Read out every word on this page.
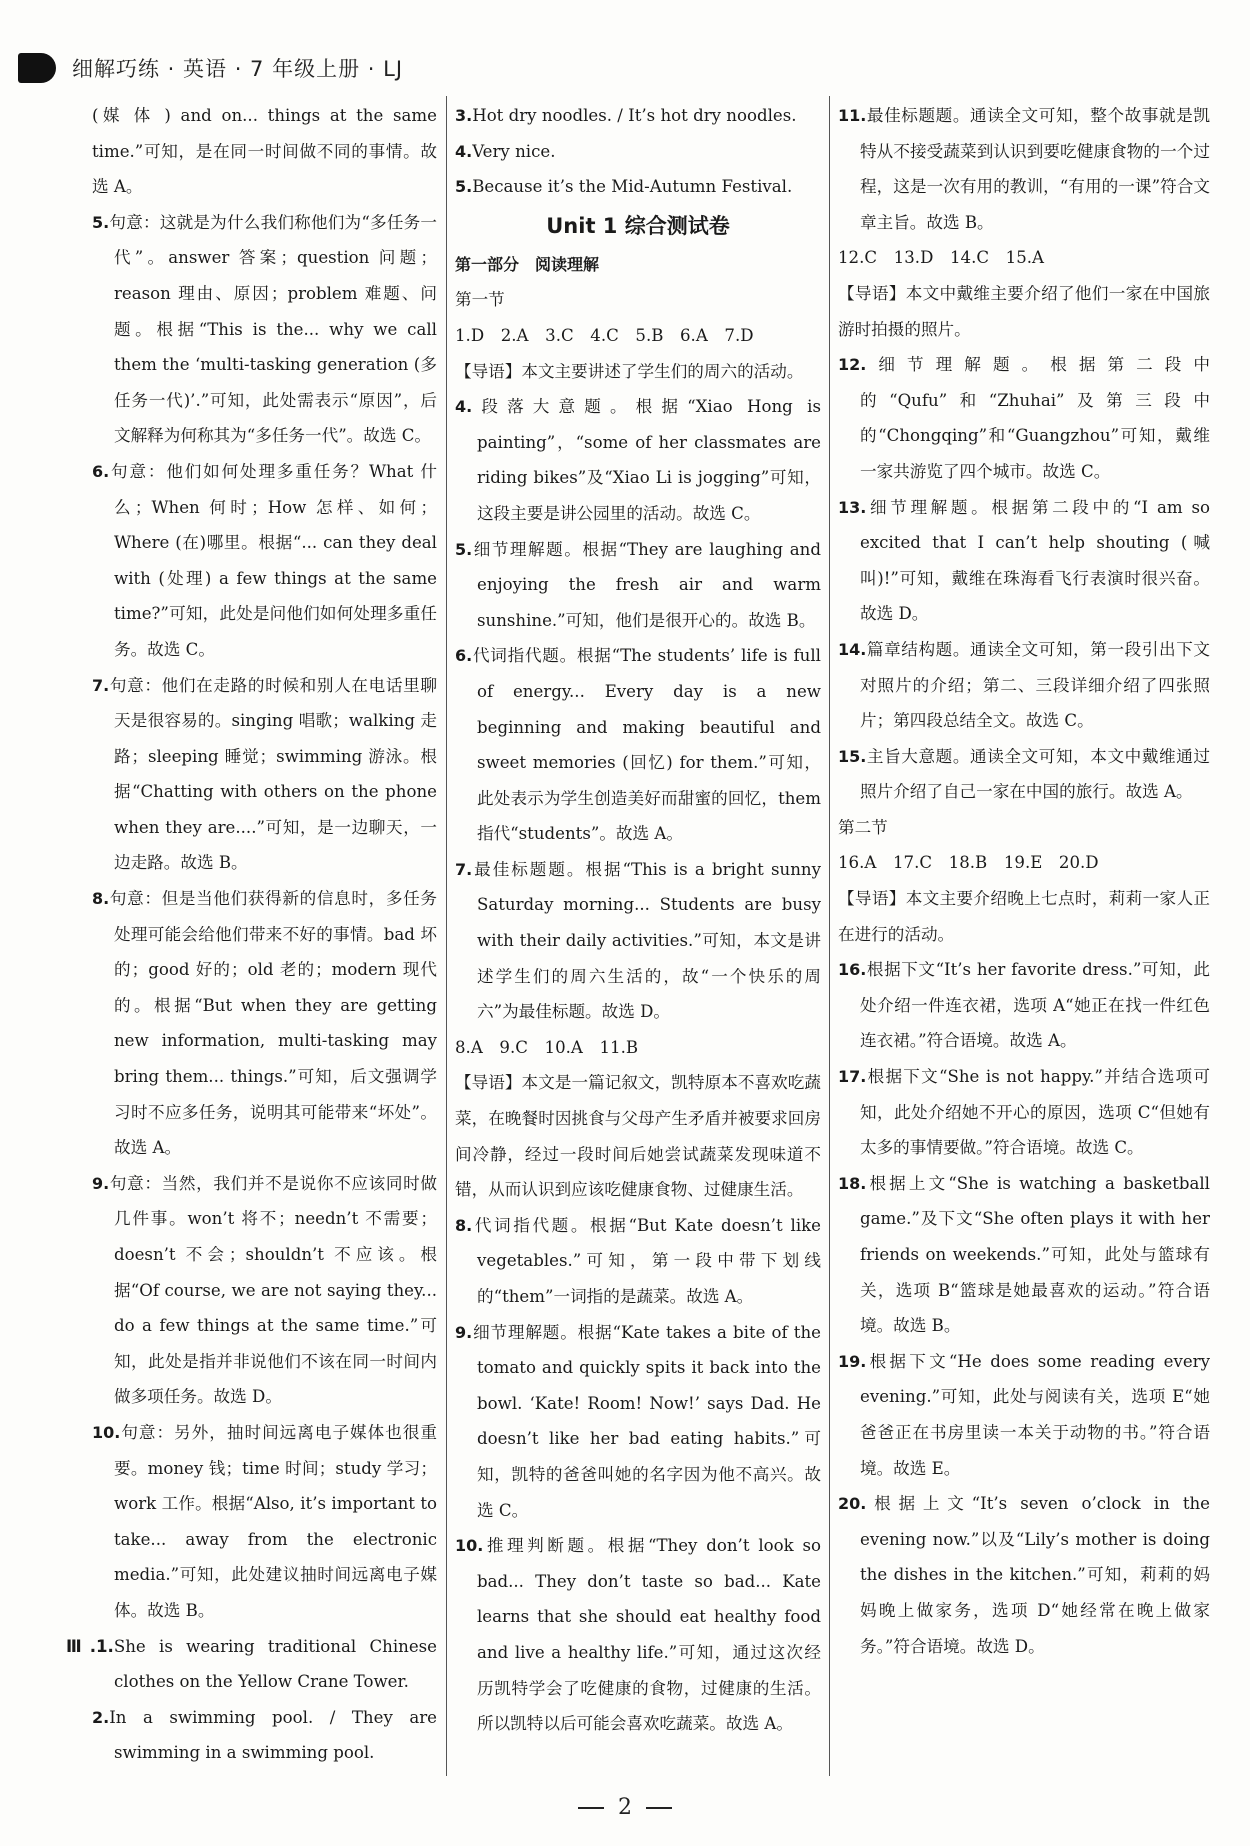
细解巧练 · 英语 · 7 年级上册 · LJ

(媒 体 ) and on... things at the same time.”可知，是在同一时间做不同的事情。故选 A。

5.句意：这就是为什么我们称他们为“多任务一代”。answer 答案；question 问题；reason 理由、原因；problem 难题、问题。根据“This is the... why we call them the ‘multi-tasking generation (多任务一代)’.”可知，此处需表示“原因”，后文解释为何称其为“多任务一代”。故选 C。

6.句意：他们如何处理多重任务？What 什么；When 何时；How 怎样、如何；Where (在)哪里。根据“... can they deal with (处理) a few things at the same time?”可知，此处是问他们如何处理多重任务。故选 C。

7.句意：他们在走路的时候和别人在电话里聊天是很容易的。singing 唱歌；walking 走路；sleeping 睡觉；swimming 游泳。根据“Chatting with others on the phone when they are....”可知，是一边聊天，一边走路。故选 B。

8.句意：但是当他们获得新的信息时，多任务处理可能会给他们带来不好的事情。bad 坏的；good 好的；old 老的；modern 现代的。根据“But when they are getting new information, multi-tasking may bring them... things.”可知，后文强调学习时不应多任务，说明其可能带来“坏处”。故选 A。

9.句意：当然，我们并不是说你不应该同时做几件事。won’t 将不；needn’t 不需要；doesn’t 不会；shouldn’t 不应该。根据“Of course, we are not saying they... do a few things at the same time.”可知，此处是指并非说他们不该在同一时间内做多项任务。故选 D。

10.句意：另外，抽时间远离电子媒体也很重要。money 钱；time 时间；study 学习；work 工作。根据“Also, it’s important to take... away from the electronic media.”可知，此处建议抽时间远离电子媒体。故选 B。

Ⅲ.1.She is wearing traditional Chinese clothes on the Yellow Crane Tower.

2.In a swimming pool. / They are swimming in a swimming pool.

3.Hot dry noodles. / It’s hot dry noodles.

4.Very nice.

5.Because it’s the Mid-Autumn Festival.

Unit 1 综合测试卷

第一部分　阅读理解

第一节

1.D　2.A　3.C　4.C　5.B　6.A　7.D

【导语】本文主要讲述了学生们的周六的活动。

4.段落大意题。根据“Xiao Hong is painting”，“some of her classmates are riding bikes”及“Xiao Li is jogging”可知，这段主要是讲公园里的活动。故选 C。

5.细节理解题。根据“They are laughing and enjoying the fresh air and warm sunshine.”可知，他们是很开心的。故选 B。

6.代词指代题。根据“The students’ life is full of energy... Every day is a new beginning and making beautiful and sweet memories (回忆) for them.”可知，此处表示为学生创造美好而甜蜜的回忆，them 指代“students”。故选 A。

7.最佳标题题。根据“This is a bright sunny Saturday morning... Students are busy with their daily activities.”可知，本文是讲述学生们的周六生活的，故“一个快乐的周六”为最佳标题。故选 D。

8.A　9.C　10.A　11.B

【导语】本文是一篇记叙文，凯特原本不喜欢吃蔬菜，在晚餐时因挑食与父母产生矛盾并被要求回房间冷静，经过一段时间后她尝试蔬菜发现味道不错，从而认识到应该吃健康食物、过健康生活。

8.代词指代题。根据“But Kate doesn’t like vegetables.”可知，第一段中带下划线的“them”一词指的是蔬菜。故选 A。

9.细节理解题。根据“Kate takes a bite of the tomato and quickly spits it back into the bowl. ‘Kate! Room! Now!’ says Dad. He doesn’t like her bad eating habits.”可知，凯特的爸爸叫她的名字因为他不高兴。故选 C。

10.推理判断题。根据“They don’t look so bad... They don’t taste so bad... Kate learns that she should eat healthy food and live a healthy life.”可知，通过这次经历凯特学会了吃健康的食物，过健康的生活。所以凯特以后可能会喜欢吃蔬菜。故选 A。

11.最佳标题题。通读全文可知，整个故事就是凯特从不接受蔬菜到认识到要吃健康食物的一个过程，这是一次有用的教训，“有用的一课”符合文章主旨。故选 B。

12.C　13.D　14.C　15.A

【导语】本文中戴维主要介绍了他们一家在中国旅游时拍摄的照片。

12.细节理解题。根据第二段中的“Qufu”和“Zhuhai”及第三段中的“Chongqing”和“Guangzhou”可知，戴维一家共游览了四个城市。故选 C。

13.细节理解题。根据第二段中的“I am so excited that I can’t help shouting (喊叫)!”可知，戴维在珠海看飞行表演时很兴奋。故选 D。

14.篇章结构题。通读全文可知，第一段引出下文对照片的介绍；第二、三段详细介绍了四张照片；第四段总结全文。故选 C。

15.主旨大意题。通读全文可知，本文中戴维通过照片介绍了自己一家在中国的旅行。故选 A。

第二节

16.A　17.C　18.B　19.E　20.D

【导语】本文主要介绍晚上七点时，莉莉一家人正在进行的活动。

16.根据下文“It’s her favorite dress.”可知，此处介绍一件连衣裙，选项 A“她正在找一件红色连衣裙。”符合语境。故选 A。

17.根据下文“She is not happy.”并结合选项可知，此处介绍她不开心的原因，选项 C“但她有太多的事情要做。”符合语境。故选 C。

18.根据上文“She is watching a basketball game.”及下文“She often plays it with her friends on weekends.”可知，此处与篮球有关，选项 B“篮球是她最喜欢的运动。”符合语境。故选 B。

19.根据下文“He does some reading every evening.”可知，此处与阅读有关，选项 E“她爸爸正在书房里读一本关于动物的书。”符合语境。故选 E。

20.根据上文“It’s seven o’clock in the evening now.”以及“Lily’s mother is doing the dishes in the kitchen.”可知，莉莉的妈妈晚上做家务，选项 D“她经常在晚上做家务。”符合语境。故选 D。

2
